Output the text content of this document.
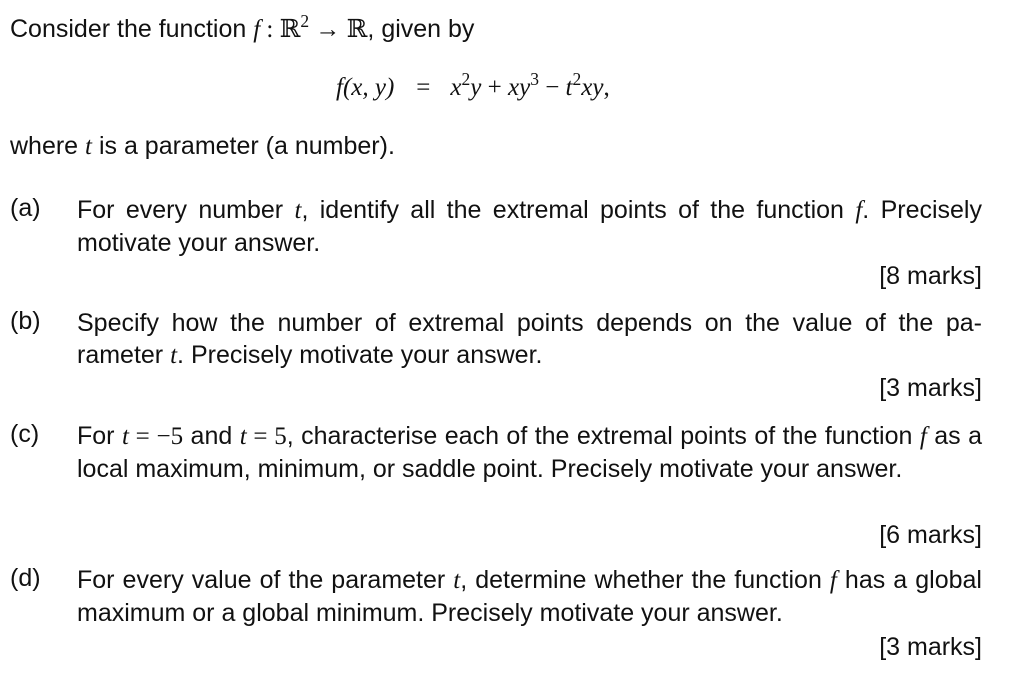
Consider the function f : ℝ$^2$ → ℝ, given by
f(x, $y) = x^2y + xy^3 - t^2xy$,
where t is a parameter (a number).
(a) For every number t, identify all the extremal points of the function f. Precisely motivate your answer.
[8 marks]
(b) Specify how the number of extremal points depends on the value of the pa- rameter t. Precisely motivate your answer.
[3 marks]
(c) For t = −5 and t = 5, characterise each of the extremal points of the function f as a local maximum, minimum, or saddle point. Precisely motivate your answer.
[6 marks]
(d) For every value of the parameter t, determine whether the function f has a global maximum or a global minimum. Precisely motivate your answer.
[3 marks]
